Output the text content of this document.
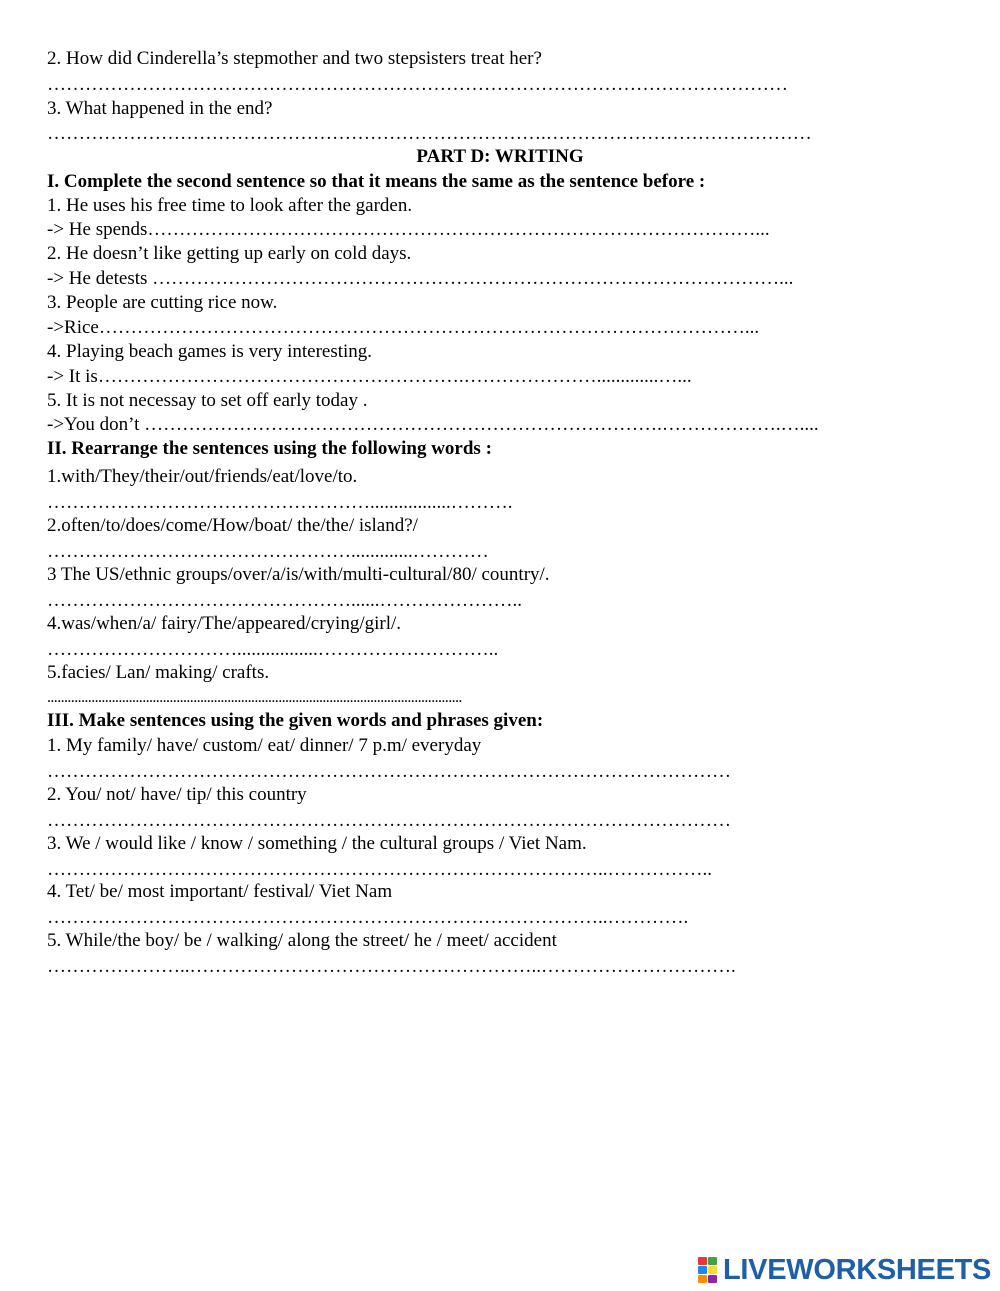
2. How did Cinderella’s stepmother and two stepsisters treat her?
………………………………………………………………………………………………………
3. What happened in the end?
…………………………………………………………………….……………………………………
PART D: WRITING
I. Complete the second sentence so that it means the same as the sentence before :
1. He uses his free time to look after the garden.
-> He spends……………………………………………………………………………………...
2. He doesn’t like getting up early on cold days.
-> He detests ………………………………………………………………………………………...
3. People are cutting rice now.
->Rice…………………………………………………………………………………………...
4. Playing beach games is very interesting.
-> It is………………………………………………….………………….............…...
5. It is not necessay to set off early today .
->You don’t ……………………………………………………………………….……………….…....
II. Rearrange the sentences using the following words :
1.with/They/their/out/friends/eat/love/to.
…………………………………………….................……….
2.often/to/does/come/How/boat/ the/the/ island?/
………………………………………….............…………
3 The US/ethnic groups/over/a/is/with/multi-cultural/80/ country/.
…………………………………………......…………………..
4.was/when/a/ fairy/The/appeared/crying/girl/.
………………………….................………………………..
5.facies/ Lan/ making/ crafts.
..........................................................................................................................
III. Make sentences using the given words and phrases given:
1. My family/ have/ custom/ eat/ dinner/ 7 p.m/ everyday
………………………………………………………………………………………………
2. You/ not/ have/ tip/ this country
………………………………………………………………………………………………
3. We / would like / know / something / the cultural groups / Viet Nam.
……………………………………………………………………………..……………..
4. Tet/ be/ most important/ festival/ Viet Nam
……………………………………………………………………………..………….
5. While/the boy/ be / walking/ along the street/ he / meet/ accident
…………………..………………………………………………..………………………….
LIVEWORKSHEETS
